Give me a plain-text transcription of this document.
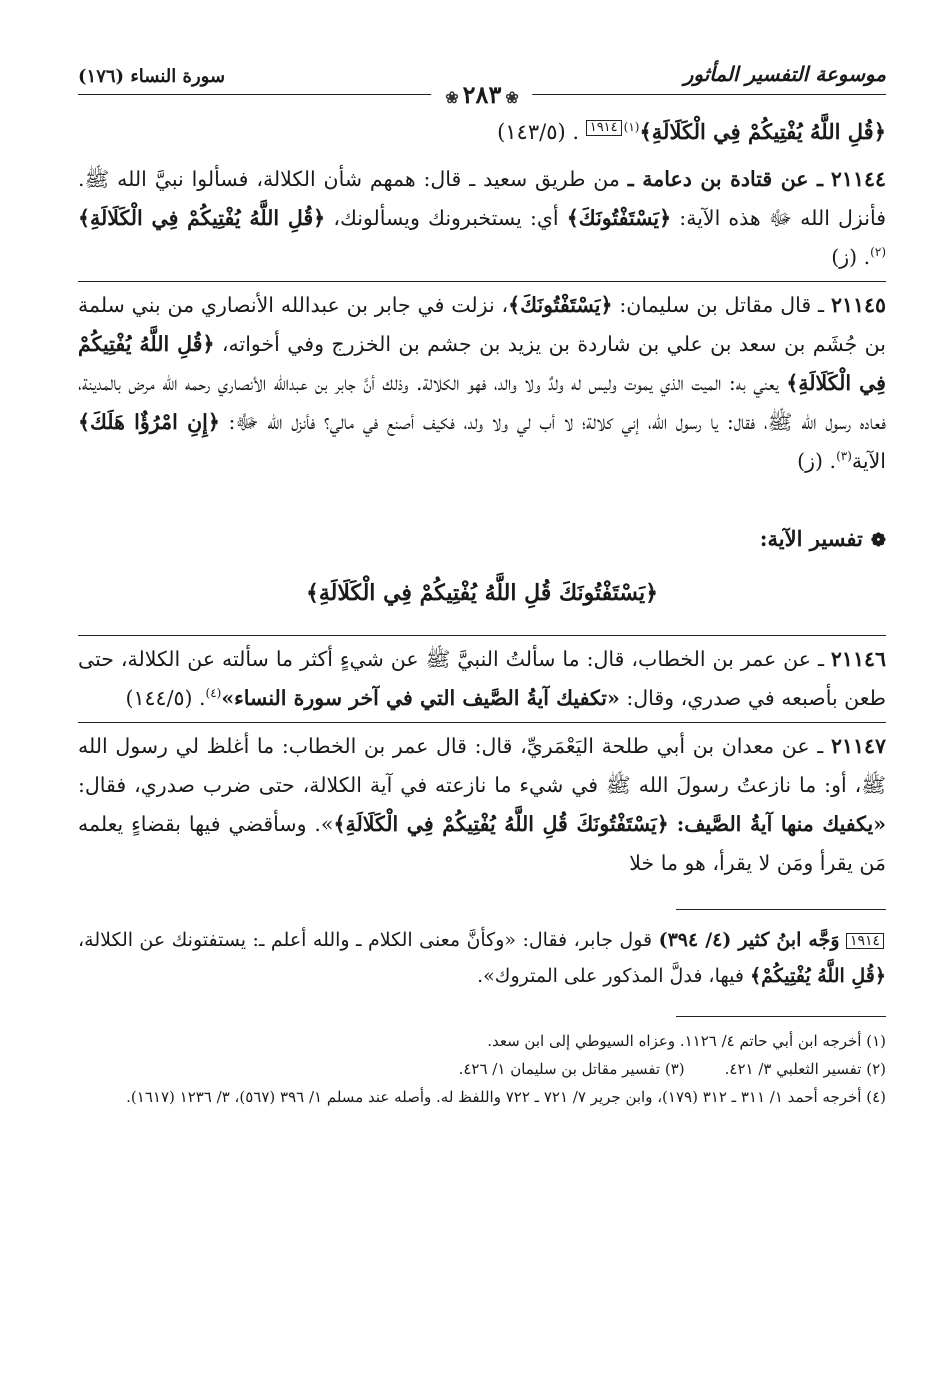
موسوعة التفسير المأثور
سورة النساء (١٧٦)
❀٢٨٣❀

﴿قُلِ اللَّهُ يُفْتِيكُمْ فِي الْكَلَالَةِ﴾$^{(١)}$١٩١٤ . (١٤٣/٥)

٢١١٤٤ ـ عن قتادة بن دعامة ـ من طريق سعيد ـ قال: همهم شأن الكلالة، فسألوا نبيَّ الله ﷺ. فأنزل الله ﷻ هذه الآية: ﴿يَسْتَفْتُونَكَ﴾ أي: يستخبرونك ويسألونك، ﴿قُلِ اللَّهُ يُفْتِيكُمْ فِي الْكَلَالَةِ﴾$^{(٢)}$. (ز)
٢١١٤٥ ـ قال مقاتل بن سليمان: ﴿يَسْتَفْتُونَكَ﴾، نزلت في جابر بن عبدالله الأنصاري من بني سلمة بن جُشَم بن سعد بن علي بن شاردة بن يزيد بن جشم بن الخزرج وفي أخواته، ﴿قُلِ اللَّهُ يُفْتِيكُمْ فِي الْكَلَالَةِ﴾ يعني به: الميت الذي يموت وليس له ولدٌ ولا والد، فهو الكلالة. وذلك أنَّ جابر بن عبدالله الأنصاري رحمه الله مرض بالمدينة، فعاده رسول الله ﷺ، فقال: يا رسول الله، إني كلالة؛ لا أب لي ولا ولد، فكيف أصنع في مالي؟ فأنزل الله ﷻ: ﴿إِنِ امْرُؤٌا هَلَكَ﴾ الآية$^{(٣)}$. (ز)
❁تفسير الآية:
﴿يَسْتَفْتُونَكَ قُلِ اللَّهُ يُفْتِيكُمْ فِي الْكَلَالَةِ﴾
٢١١٤٦ ـ عن عمر بن الخطاب، قال: ما سألتُ النبيَّ ﷺ عن شيءٍ أكثر ما سألته عن الكلالة، حتى طعن بأصبعه في صدري، وقال: «تكفيك آيةُ الصَّيف التي في آخر سورة النساء»$^{(٤)}$. (١٤٤/٥)
٢١١٤٧ ـ عن معدان بن أبي طلحة اليَعْمَريِّ، قال: قال عمر بن الخطاب: ما أغلظ لي رسول الله ﷺ، أو: ما نازعتُ رسولَ الله ﷺ في شيء ما نازعته في آية الكلالة، حتى ضرب صدري، فقال: «يكفيك منها آيةُ الصَّيف: ﴿يَسْتَفْتُونَكَ قُلِ اللَّهُ يُفْتِيكُمْ فِي الْكَلَالَةِ﴾». وسأقضي فيها بقضاءٍ يعلمه مَن يقرأ ومَن لا يقرأ، هو ما خلا
١٩١٤ وَجَّه ابنُ كثير (٤/ ٣٩٤) قول جابر، فقال: «وكأنَّ معنى الكلام ـ والله أعلم ـ: يستفتونك عن الكلالة، ﴿قُلِ اللَّهُ يُفْتِيكُمْ﴾ فيها، فدلَّ المذكور على المتروك».

(١) أخرجه ابن أبي حاتم ٤/ ١١٢٦. وعزاه السيوطي إلى ابن سعد.

(٢) تفسير الثعلبي ٣/ ٤٢١.

(٣) تفسير مقاتل بن سليمان ١/ ٤٢٦.

(٤) أخرجه أحمد ١/ ٣١١ ـ ٣١٢ (١٧٩)، وابن جرير ٧/ ٧٢١ ـ ٧٢٢ واللفظ له. وأصله عند مسلم ١/ ٣٩٦ (٥٦٧)، ٣/ ١٢٣٦ (١٦١٧).
